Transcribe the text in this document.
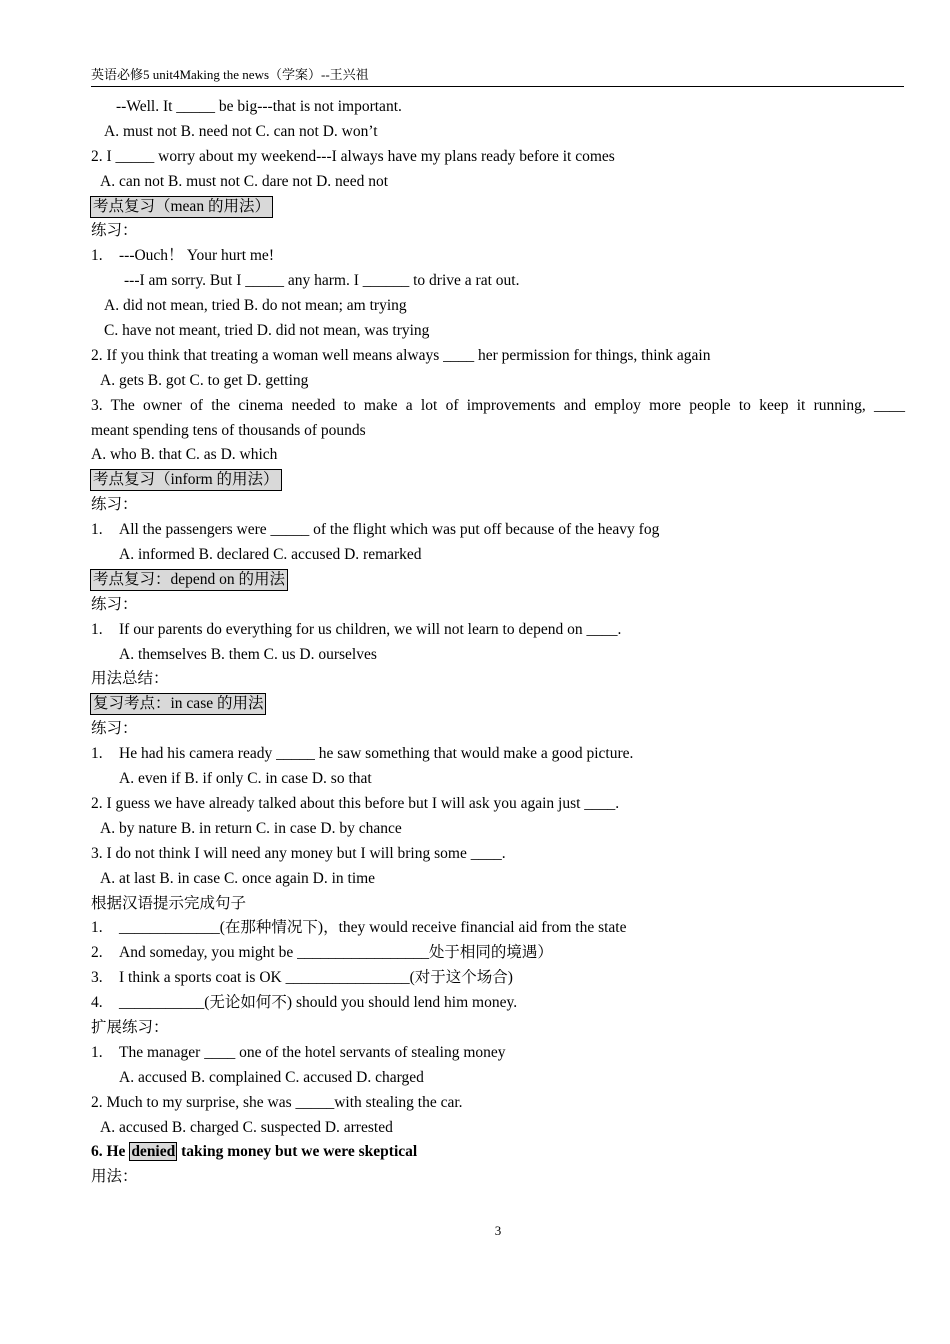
英语必修5 unit4Making the news（学案）--王兴祖
--Well. It _____ be big---that is not important.
A. must not B. need not C. can not D. won’t
2. I _____ worry about my weekend---I always have my plans ready before it comes
A. can not B. must not C. dare not D. need not
考点复习（mean 的用法）
练习：
1. ---Ouch！ Your hurt me!
---I am sorry. But I _____ any harm. I ______ to drive a rat out.
A. did not mean, tried B. do not mean; am trying
C. have not meant, tried D. did not mean, was trying
2. If you think that treating a woman well means always ____ her permission for things, think again
A. gets B. got C. to get D. getting
3. The owner of the cinema needed to make a lot of improvements and employ more people to keep it running, ____
meant spending tens of thousands of pounds
A. who B. that C. as D. which
考点复习（inform 的用法）
练习：
1. All the passengers were _____ of the flight which was put off because of the heavy fog
A. informed B. declared C. accused D. remarked
考点复习：depend on 的用法
练习：
1. If our parents do everything for us children, we will not learn to depend on ____.
A. themselves B. them C. us D. ourselves
用法总结：
复习考点：in case 的用法
练习：
1. He had his camera ready _____ he saw something that would make a good picture.
A. even if B. if only C. in case D. so that
2. I guess we have already talked about this before but I will ask you again just ____.
A. by nature B. in return C. in case D. by chance
3. I do not think I will need any money but I will bring some ____.
A. at last B. in case C. once again D. in time
根据汉语提示完成句子
1. _____________(在那种情况下)，they would receive financial aid from the state
2. And someday, you might be _________________处于相同的境遇）
3. I think a sports coat is OK ________________(对于这个场合)
4. ___________(无论如何不) should you should lend him money.
扩展练习：
1. The manager ____ one of the hotel servants of stealing money
A. accused B. complained C. accused D. charged
2. Much to my surprise, she was _____with stealing the car.
A. accused B. charged C. suspected D. arrested
6. He denied taking money but we were skeptical
用法：
3
